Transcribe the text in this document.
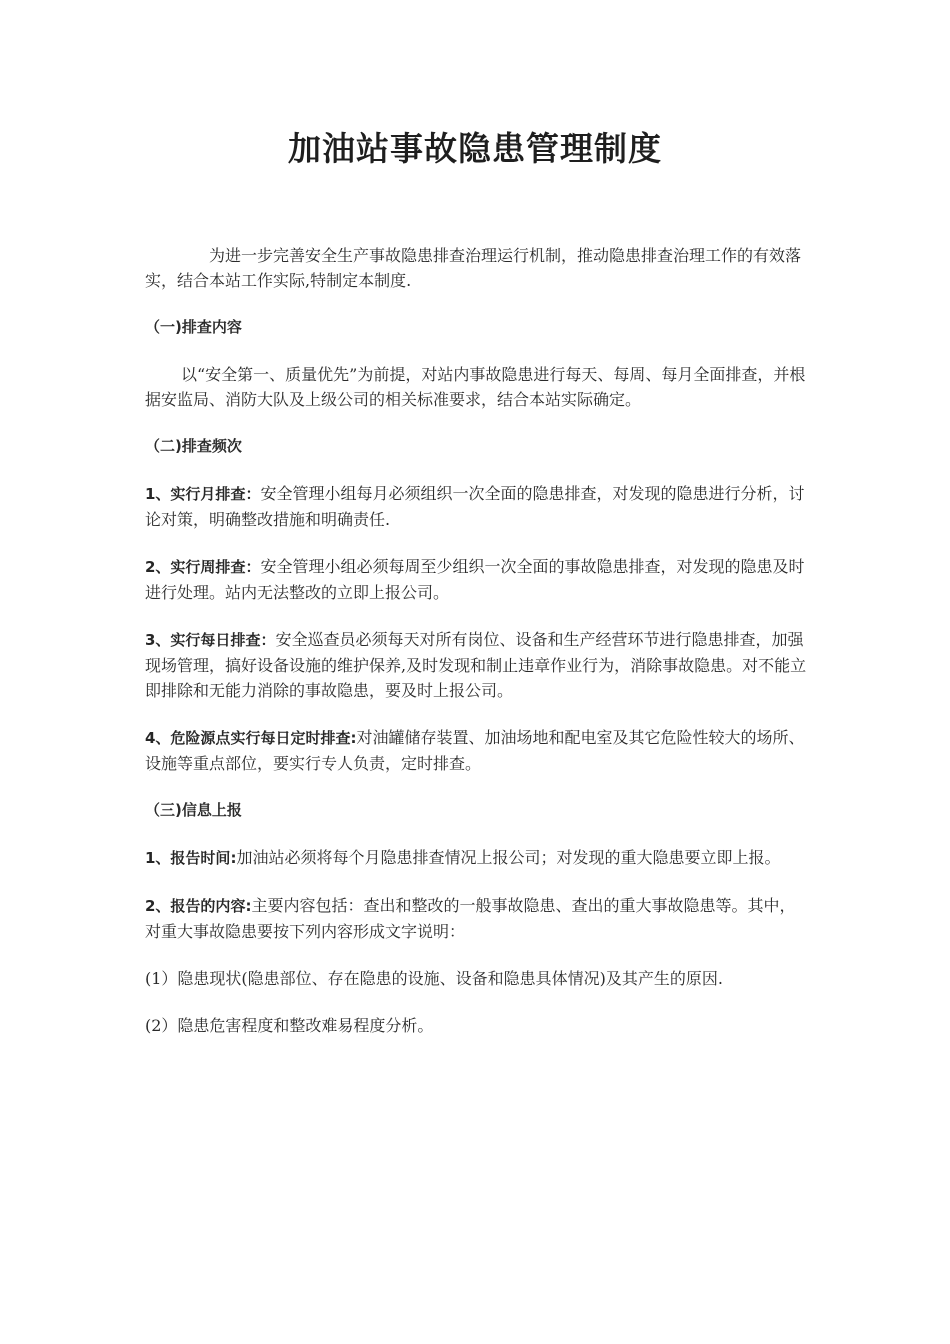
加油站事故隐患管理制度

为进一步完善安全生产事故隐患排查治理运行机制，推动隐患排查治理工作的有效落实，结合本站工作实际,特制定本制度.

（一)排查内容

以“安全第一、质量优先”为前提，对站内事故隐患进行每天、每周、每月全面排查，并根据安监局、消防大队及上级公司的相关标准要求，结合本站实际确定。

（二)排查频次

1、实行月排查：安全管理小组每月必须组织一次全面的隐患排查，对发现的隐患进行分析，讨论对策，明确整改措施和明确责任.

2、实行周排查：安全管理小组必须每周至少组织一次全面的事故隐患排查，对发现的隐患及时进行处理。站内无法整改的立即上报公司。

3、实行每日排查：安全巡查员必须每天对所有岗位、设备和生产经营环节进行隐患排查，加强现场管理，搞好设备设施的维护保养,及时发现和制止违章作业行为，消除事故隐患。对不能立即排除和无能力消除的事故隐患，要及时上报公司。

4、危险源点实行每日定时排查:对油罐储存装置、加油场地和配电室及其它危险性较大的场所、设施等重点部位，要实行专人负责，定时排查。

（三)信息上报

1、报告时间:加油站必须将每个月隐患排查情况上报公司；对发现的重大隐患要立即上报。

2、报告的内容:主要内容包括：查出和整改的一般事故隐患、查出的重大事故隐患等。其中，对重大事故隐患要按下列内容形成文字说明：

(1）隐患现状(隐患部位、存在隐患的设施、设备和隐患具体情况)及其产生的原因.

(2）隐患危害程度和整改难易程度分析。
